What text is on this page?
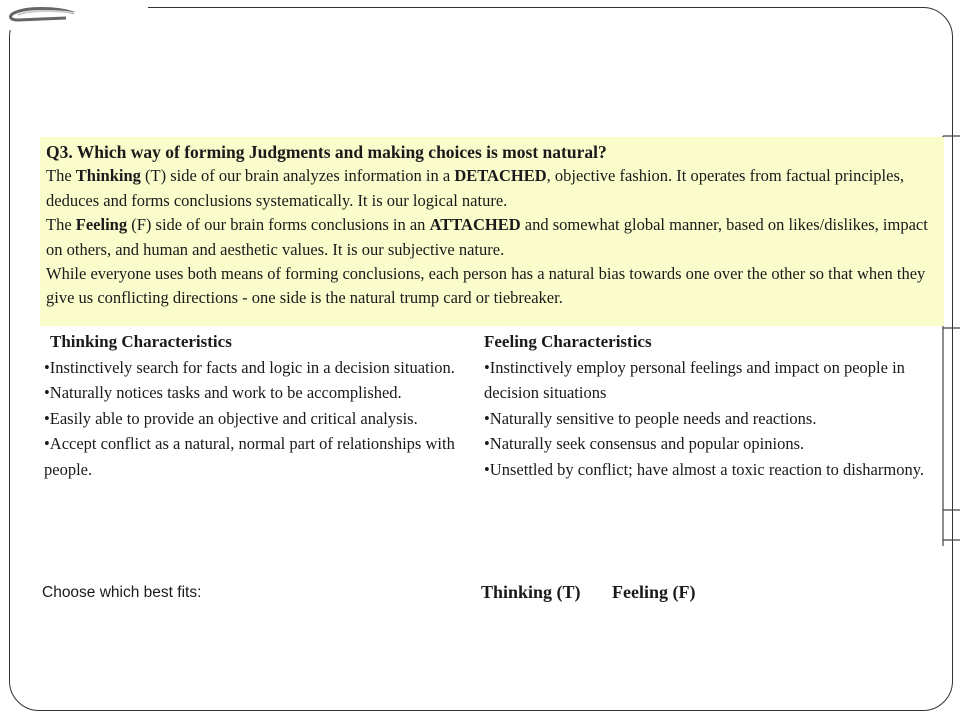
Q3. Which way of forming Judgments and making choices is most natural?

The Thinking (T) side of our brain analyzes information in a DETACHED, objective fashion. It operates from factual principles, deduces and forms conclusions systematically. It is our logical nature.

The Feeling (F) side of our brain forms conclusions in an ATTACHED and somewhat global manner, based on likes/dislikes, impact on others, and human and aesthetic values. It is our subjective nature.

While everyone uses both means of forming conclusions, each person has a natural bias towards one over the other so that when they give us conflicting directions - one side is the natural trump card or tiebreaker.

Thinking Characteristics
• Instinctively search for facts and logic in a decision situation.
• Naturally notices tasks and work to be accomplished.
• Easily able to provide an objective and critical analysis.
• Accept conflict as a natural, normal part of relationships with people.
Feeling Characteristics
• Instinctively employ personal feelings and impact on people in decision situations
• Naturally sensitive to people needs and reactions.
• Naturally seek consensus and popular opinions.
• Unsettled by conflict; have almost a toxic reaction to disharmony.
Choose which best fits:	Thinking (T) Feeling (F)
